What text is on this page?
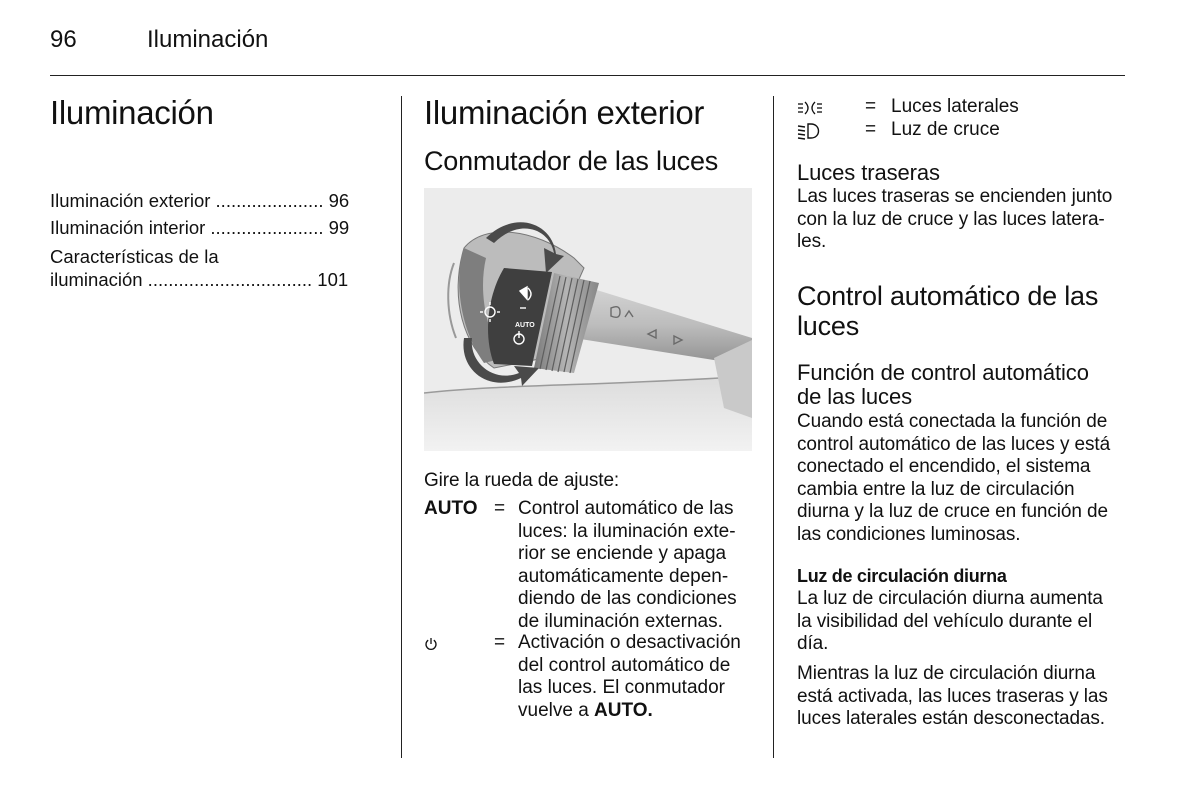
96	Iluminación
Iluminación
Iluminación exterior ..................... 96
Iluminación interior ...................... 99
Características de la
iluminación ................................ 101
Iluminación exterior
Conmutador de las luces
AUTO
Gire la rueda de ajuste:
AUTO = Control automático de las
luces: la iluminación exte-
rior se enciende y apaga
automáticamente depen-
diendo de las condiciones
de iluminación externas.
= Activación o desactivación
del control automático de
las luces. El conmutador
vuelve a AUTO.
= Luces laterales
= Luz de cruce
Luces traseras
Las luces traseras se encienden junto
con la luz de cruce y las luces latera-
les.
Control automático de las
luces
Función de control automático
de las luces
Cuando está conectada la función de
control automático de las luces y está
conectado el encendido, el sistema
cambia entre la luz de circulación
diurna y la luz de cruce en función de
las condiciones luminosas.
Luz de circulación diurna
La luz de circulación diurna aumenta
la visibilidad del vehículo durante el
día.
Mientras la luz de circulación diurna
está activada, las luces traseras y las
luces laterales están desconectadas.
